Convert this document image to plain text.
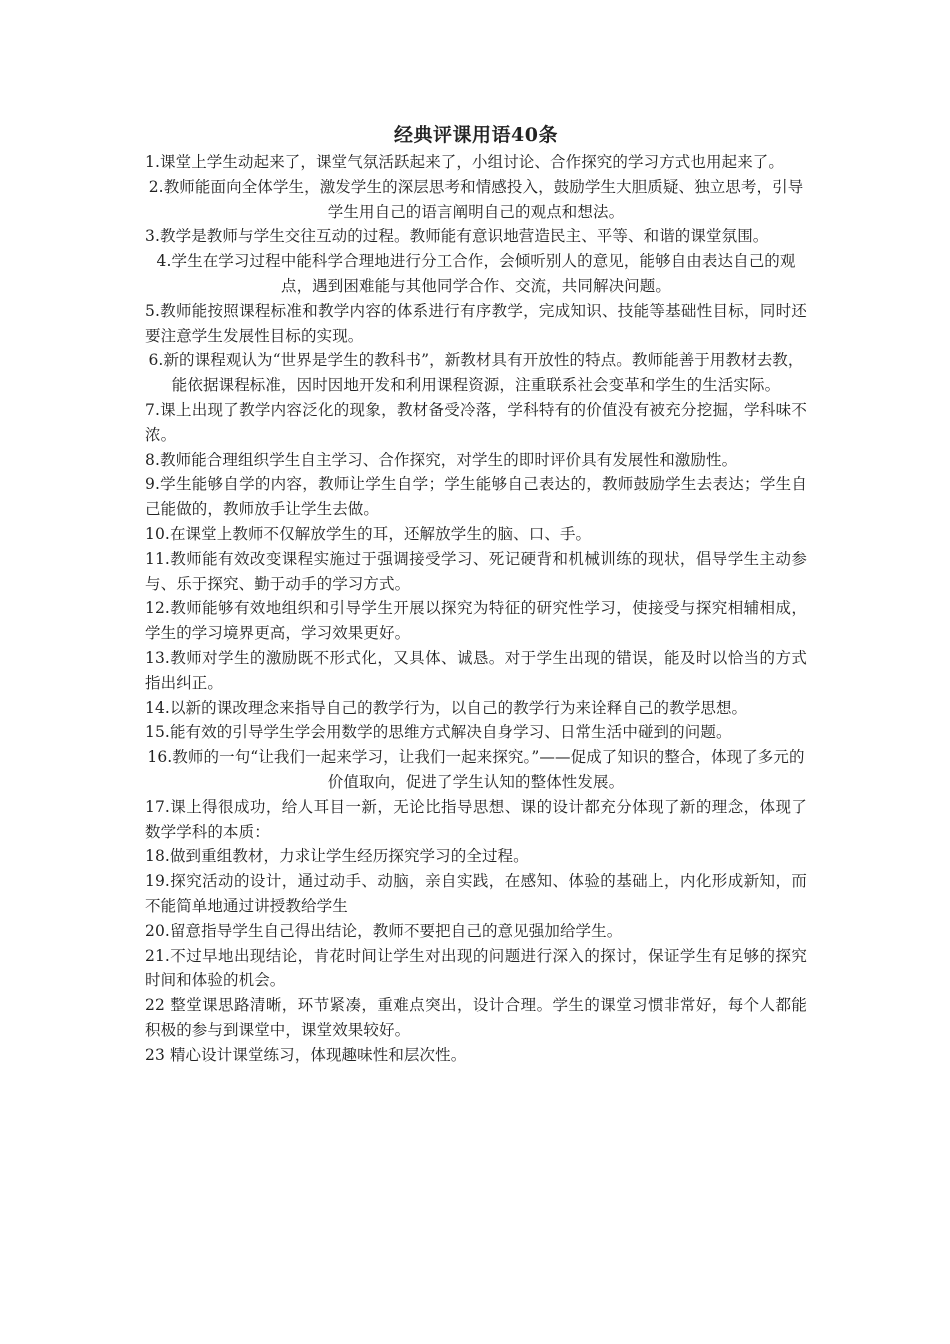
经典评课用语40条

1.课堂上学生动起来了，课堂气氛活跃起来了，小组讨论、合作探究的学习方式也用起来了。

2.教师能面向全体学生，激发学生的深层思考和情感投入，鼓励学生大胆质疑、独立思考，引导学生用自己的语言阐明自己的观点和想法。

3.教学是教师与学生交往互动的过程。教师能有意识地营造民主、平等、和谐的课堂氛围。

4.学生在学习过程中能科学合理地进行分工合作，会倾听别人的意见，能够自由表达自己的观点，遇到困难能与其他同学合作、交流，共同解决问题。

5.教师能按照课程标准和教学内容的体系进行有序教学，完成知识、技能等基础性目标，同时还要注意学生发展性目标的实现。

6.新的课程观认为“世界是学生的教科书”，新教材具有开放性的特点。教师能善于用教材去教，能依据课程标准，因时因地开发和利用课程资源，注重联系社会变革和学生的生活实际。

7.课上出现了教学内容泛化的现象，教材备受冷落，学科特有的价值没有被充分挖掘，学科味不浓。

8.教师能合理组织学生自主学习、合作探究，对学生的即时评价具有发展性和激励性。

9.学生能够自学的内容，教师让学生自学；学生能够自己表达的，教师鼓励学生去表达；学生自己能做的，教师放手让学生去做。

10.在课堂上教师不仅解放学生的耳，还解放学生的脑、口、手。

11.教师能有效改变课程实施过于强调接受学习、死记硬背和机械训练的现状，倡导学生主动参与、乐于探究、勤于动手的学习方式。

12.教师能够有效地组织和引导学生开展以探究为特征的研究性学习，使接受与探究相辅相成，学生的学习境界更高，学习效果更好。

13.教师对学生的激励既不形式化，又具体、诚恳。对于学生出现的错误，能及时以恰当的方式指出纠正。

14.以新的课改理念来指导自己的教学行为，以自己的教学行为来诠释自己的教学思想。

15.能有效的引导学生学会用数学的思维方式解决自身学习、日常生活中碰到的问题。

16.教师的一句“让我们一起来学习，让我们一起来探究。”——促成了知识的整合，体现了多元的价值取向，促进了学生认知的整体性发展。

17.课上得很成功，给人耳目一新，无论比指导思想、课的设计都充分体现了新的理念，体现了数学学科的本质：

18.做到重组教材，力求让学生经历探究学习的全过程。

19.探究活动的设计，通过动手、动脑，亲自实践，在感知、体验的基础上，内化形成新知，而不能简单地通过讲授教给学生

20.留意指导学生自己得出结论，教师不要把自己的意见强加给学生。

21.不过早地出现结论，肯花时间让学生对出现的问题进行深入的探讨，保证学生有足够的探究时间和体验的机会。

22 整堂课思路清晰，环节紧凑，重难点突出，设计合理。学生的课堂习惯非常好，每个人都能积极的参与到课堂中，课堂效果较好。

23 精心设计课堂练习，体现趣味性和层次性。
